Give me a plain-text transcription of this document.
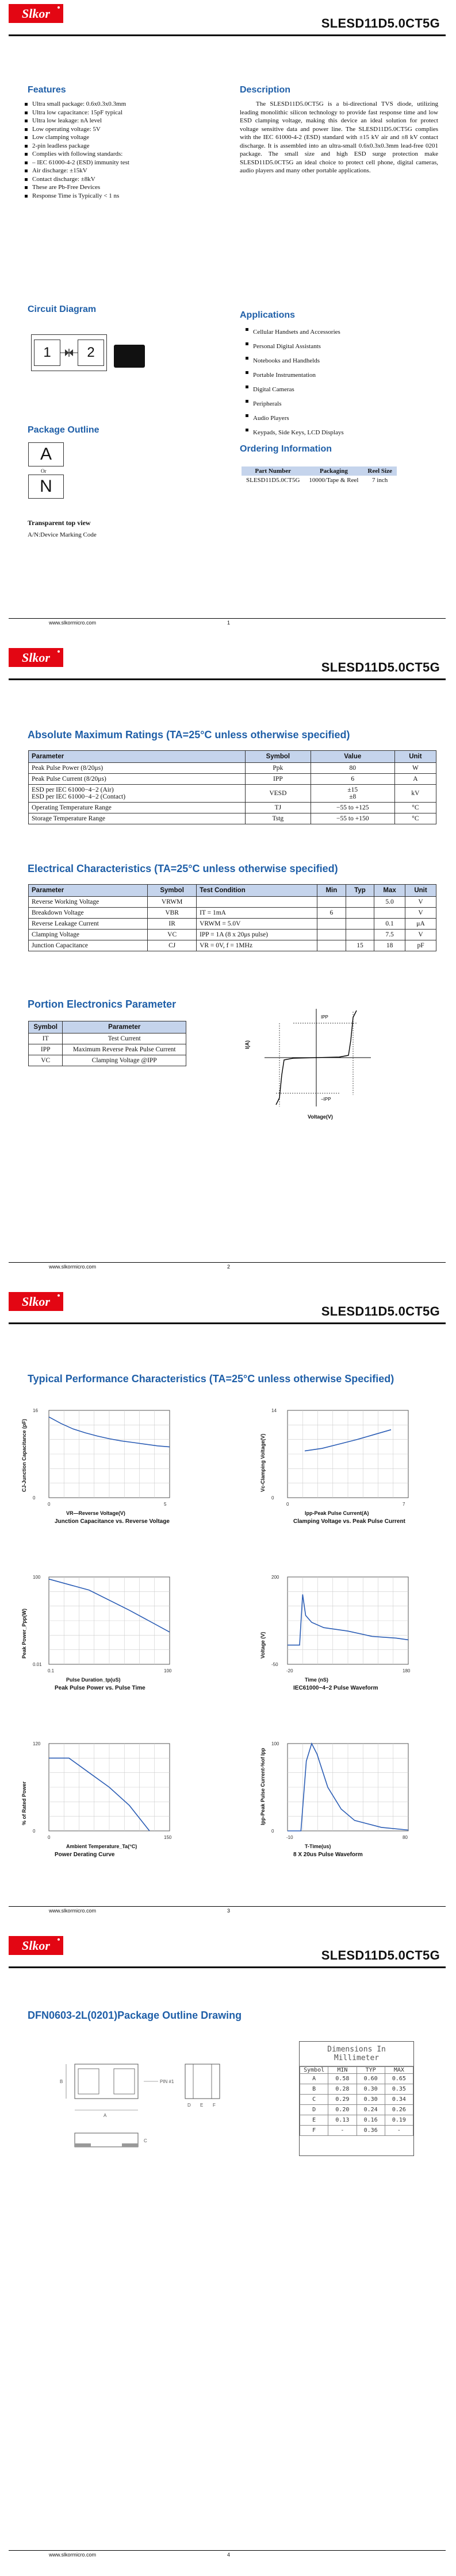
Slkor
SLESD11D5.0CT5G
Features
Ultra small package: 0.6x0.3x0.3mm
Ultra low capacitance: 15pF typical
Ultra low leakage: nA level
Low operating voltage: 5V
Low clamping voltage
2-pin leadless package
Complies with following standards:
– IEC 61000-4-2 (ESD) immunity test
Air discharge: ±15kV
Contact discharge: ±8kV
These are Pb-Free Devices
Response Time is Typically < 1 ns
Description
The SLESD11D5.0CT5G is a bi-directional TVS diode, utilizing leading monolithic silicon technology to provide fast response time and low ESD clamping voltage, making this device an ideal solution for protect voltage sensitive data and power line. The SLESD11D5.0CT5G complies with the IEC 61000-4-2 (ESD) standard with ±15 kV air and ±8 kV contact discharge. It is assembled into an ultra-small 0.6x0.3x0.3mm lead-free 0201 package. The small size and high ESD surge protection make SLESD11D5.0CT5G an ideal choice to protect cell phone, digital cameras, audio players and many other portable applications.
Circuit Diagram
1	2
Applications
Cellular Handsets and Accessories
Personal Digital Assistants
Notebooks and Handhelds
Portable Instrumentation
Digital Cameras
Peripherals
Audio Players
Keypads, Side Keys, LCD Displays
Package Outline
A
Or
N
Ordering Information
Part Number	Packaging	Reel Size
SLESD11D5.0CT5G	10000/Tape & Reel	7 inch
Transparent top view
A/N:Device Marking Code
www.slkormicro.com	1
Slkor
SLESD11D5.0CT5G
Absolute Maximum Ratings (TA=25°C unless otherwise specified)
Parameter	Symbol	Value	Unit
Peak Pulse Power (8/20μs)	Ppk	80	W
Peak Pulse Current (8/20μs)	IPP	6	A
ESD per IEC 61000−4−2 (Air)
ESD per IEC 61000−4−2 (Contact)	VESD	±15
±8	kV
Operating Temperature Range	TJ	−55 to +125	°C
Storage Temperature Range	Tstg	−55 to +150	°C
Electrical Characteristics (TA=25°C unless otherwise specified)
Parameter	Symbol	Test Condition	Min	Typ	Max	Unit
Reverse Working Voltage	VRWM				5.0	V
Breakdown Voltage	VBR	IT = 1mA	6			V
Reverse Leakage Current	IR	VRWM = 5.0V			0.1	μA
Clamping Voltage	VC	IPP = 1A (8 x 20μs pulse)			7.5	V
Junction Capacitance	CJ	VR = 0V, f = 1MHz		15	18	pF
Portion Electronics Parameter
Symbol	Parameter
IT	Test Current
IPP	Maximum Reverse Peak Pulse Current
VC	Clamping Voltage @IPP
IPP
−IPP
I(A)
Voltage(V)
www.slkormicro.com	2
Slkor
SLESD11D5.0CT5G
Typical Performance Characteristics (TA=25°C unless otherwise Specified)
0	5
0
16
VR—Reverse Voltage(V)
Junction Capacitance vs. Reverse Voltage
CJ-Junction Capacitance (pF)
0	7
0
14
Ipp-Peak Pulse Current(A)
Clamping Voltage vs. Peak Pulse Current
Vc-Clamping Voltage(V)
0.1	100
0.01
100
Pulse Duration_tp(uS)
Peak Pulse Power vs. Pulse Time
Peak Power_Ppp(W)
-20	180
-50
200
Time (nS)
IEC61000−4−2 Pulse Waveform
Voltage (V)
0	150
0
120
Ambient Temperature_Ta(°C)
Power Derating Curve
% of Rated Power
-10	80
0
100
T-Time(us)
8 X 20us Pulse Waveform
Ipp-Peak Pulse Current-%of Ipp
www.slkormicro.com	3
Slkor
SLESD11D5.0CT5G
DFN0603-2L(0201)Package Outline Drawing
PIN #1
A
B
C
D E F
Dimensions In
Millimeter
Symbol	MIN	TYP	MAX
A	0.58	0.60	0.65
B	0.28	0.30	0.35
C	0.29	0.30	0.34
D	0.20	0.24	0.26
E	0.13	0.16	0.19
F	-	0.36	-
www.slkormicro.com	4
